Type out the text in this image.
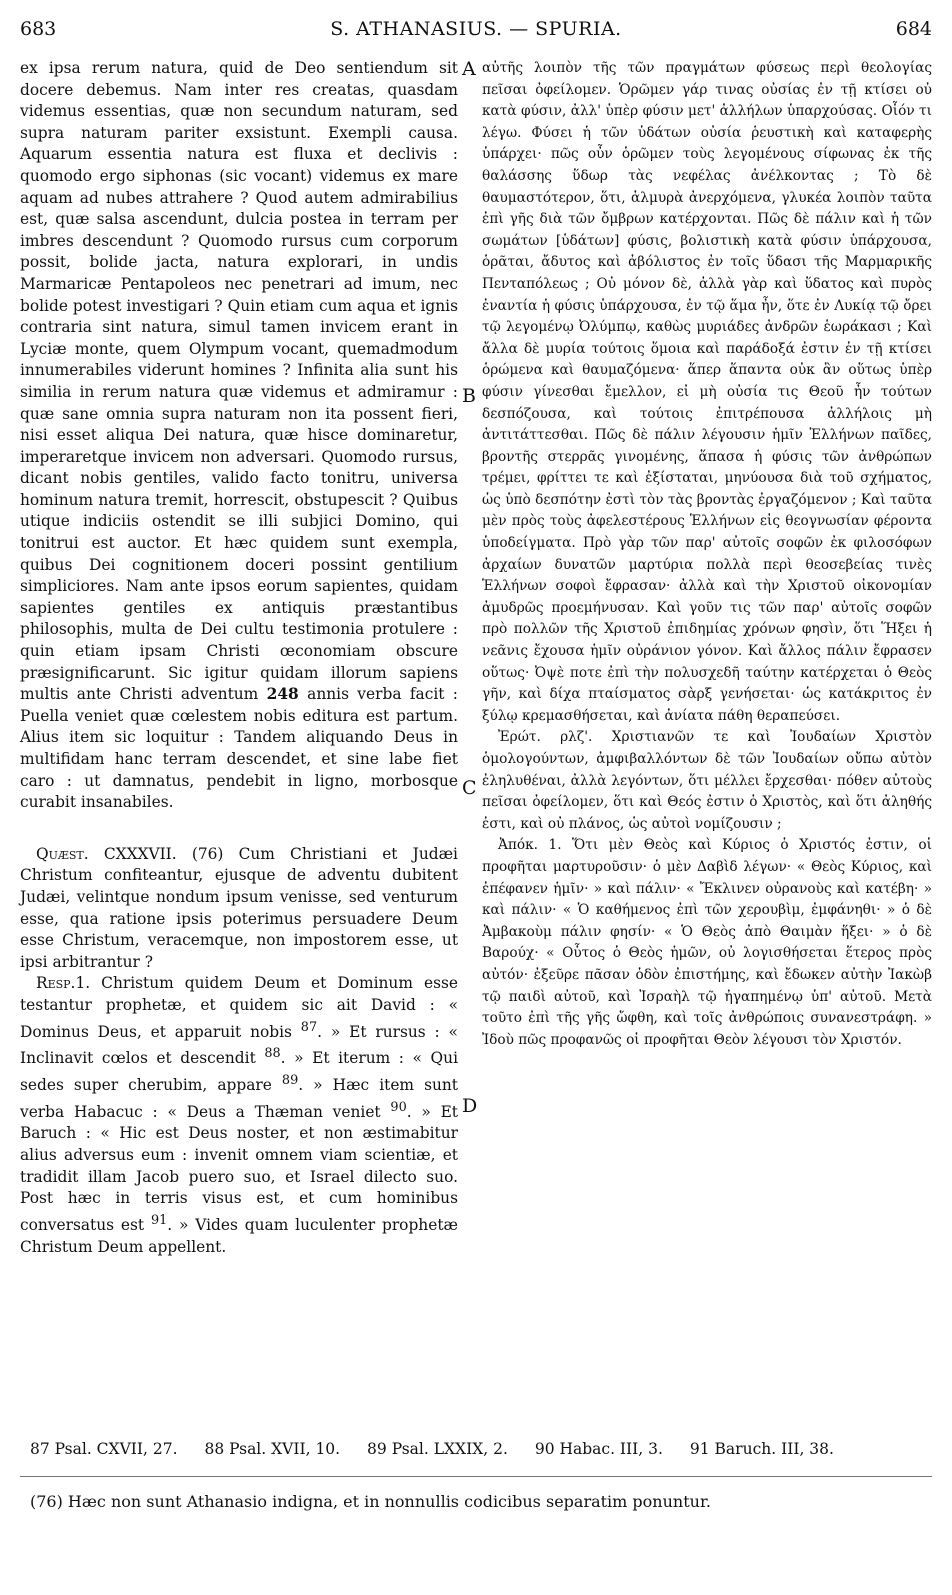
683	S. ATHANASIUS. — SPURIA.	684

ex ipsa rerum natura, quid de Deo sentiendum sit docere debemus. Nam inter res creatas, quasdam videmus essentias, quæ non secundum naturam, sed supra naturam pariter exsistunt. Exempli causa. Aquarum essentia natura est fluxa et declivis : quomodo ergo siphonas (sic vocant) videmus ex mare aquam ad nubes attrahere ? Quod autem admirabilius est, quæ salsa ascendunt, dulcia postea in terram per imbres descendunt ? Quomodo rursus cum corporum possit, bolide jacta, natura explorari, in undis Marmaricæ Pentapoleos nec penetrari ad imum, nec bolide potest investigari ? Quin etiam cum aqua et ignis contraria sint natura, simul tamen invicem erant in Lyciæ monte, quem Olympum vocant, quemadmodum innumerabiles viderunt homines ? Infinita alia sunt his similia in rerum natura quæ videmus et admiramur : quæ sane omnia supra naturam non ita possent fieri, nisi esset aliqua Dei natura, quæ hisce dominaretur, imperaretque invicem non adversari. Quomodo rursus, dicant nobis gentiles, valido facto tonitru, universa hominum natura tremit, horrescit, obstupescit ? Quibus utique indiciis ostendit se illi subjici Domino, qui tonitrui est auctor. Et hæc quidem sunt exempla, quibus Dei cognitionem doceri possint gentilium simpliciores. Nam ante ipsos eorum sapientes, quidam sapientes gentiles ex antiquis præstantibus philosophis, multa de Dei cultu testimonia protulere : quin etiam ipsam Christi œconomiam obscure præsignificarunt. Sic igitur quidam illorum sapiens multis ante Christi adventum 248 annis verba facit : Puella veniet quæ cœlestem nobis editura est partum. Alius item sic loquitur : Tandem aliquando Deus in multifidam hanc terram descendet, et sine labe fiet caro : ut damnatus, pendebit in ligno, morbosque curabit insanabiles.

Quæst. CXXXVII. (76) Cum Christiani et Judæi Christum confiteantur, ejusque de adventu dubitent Judæi, velintque nondum ipsum venisse, sed venturum esse, qua ratione ipsis poterimus persuadere Deum esse Christum, veracemque, non impostorem esse, ut ipsi arbitrantur ?

Resp.1. Christum quidem Deum et Dominum esse testantur prophetæ, et quidem sic ait David : « Dominus Deus, et apparuit nobis $^{87}$. » Et rursus : « Inclinavit cœlos et descendit $^{88}$. » Et iterum : « Qui sedes super cherubim, appare $^{89}$. » Hæc item sunt verba Habacuc : « Deus a Thæman veniet $^{90}$. » Et Baruch : « Hic est Deus noster, et non æstimabitur alius adversus eum : invenit omnem viam scientiæ, et tradidit illam Jacob puero suo, et Israel dilecto suo. Post hæc in terris visus est, et cum hominibus conversatus est $^{91}$. » Vides quam luculenter prophetæ Christum Deum appellent.

A
B
C
D

αὐτῆς λοιπὸν τῆς τῶν πραγμάτων φύσεως περὶ θεολογίας πεῖσαι ὀφείλομεν. Ὁρῶμεν γάρ τινας οὐσίας ἐν τῇ κτίσει οὐ κατὰ φύσιν, ἀλλ' ὑπὲρ φύσιν μετ' ἀλλήλων ὑπαρχούσας. Οἷόν τι λέγω. Φύσει ἡ τῶν ὑδάτων οὐσία ῥευστικὴ καὶ καταφερὴς ὑπάρχει· πῶς οὖν ὁρῶμεν τοὺς λεγομένους σίφωνας ἐκ τῆς θαλάσσης ὕδωρ τὰς νεφέλας ἀνέλκοντας ; Τὸ δὲ θαυμαστότερον, ὅτι, ἁλμυρὰ ἀνερχόμενα, γλυκέα λοιπὸν ταῦτα ἐπὶ γῆς διὰ τῶν ὄμβρων κατέρχονται. Πῶς δὲ πάλιν καὶ ἡ τῶν σωμάτων [ὑδάτων] φύσις, βολιστικὴ κατὰ φύσιν ὑπάρχουσα, ὁρᾶται, ἄδυτος καὶ ἀβόλιστος ἐν τοῖς ὕδασι τῆς Μαρμαρικῆς Πενταπόλεως ; Οὐ μόνον δὲ, ἀλλὰ γὰρ καὶ ὕδατος καὶ πυρὸς ἐναντία ἡ φύσις ὑπάρχουσα, ἐν τῷ ἅμα ἦν, ὅτε ἐν Λυκίᾳ τῷ ὄρει τῷ λεγομένῳ Ὀλύμπῳ, καθὼς μυριάδες ἀνδρῶν ἑωράκασι ; Καὶ ἄλλα δὲ μυρία τούτοις ὅμοια καὶ παράδοξά ἐστιν ἐν τῇ κτίσει ὁρώμενα καὶ θαυμαζόμενα· ἅπερ ἅπαντα οὐκ ἂν οὕτως ὑπὲρ φύσιν γίνεσθαι ἔμελλον, εἰ μὴ οὐσία τις Θεοῦ ἦν τούτων δεσπόζουσα, καὶ τούτοις ἐπιτρέπουσα ἀλλήλοις μὴ ἀντιτάττεσθαι. Πῶς δὲ πάλιν λέγουσιν ἡμῖν Ἑλλήνων παῖδες, βροντῆς στερρᾶς γινομένης, ἅπασα ἡ φύσις τῶν ἀνθρώπων τρέμει, φρίττει τε καὶ ἐξίσταται, μηνύουσα διὰ τοῦ σχήματος, ὡς ὑπὸ δεσπότην ἐστὶ τὸν τὰς βροντὰς ἐργαζόμενον ; Καὶ ταῦτα μὲν πρὸς τοὺς ἀφελεστέρους Ἑλλήνων εἰς θεογνωσίαν φέροντα ὑποδείγματα. Πρὸ γὰρ τῶν παρ' αὐτοῖς σοφῶν ἐκ φιλοσόφων ἀρχαίων δυνατῶν μαρτύρια πολλὰ περὶ θεοσεβείας τινὲς Ἑλλήνων σοφοὶ ἔφρασαν· ἀλλὰ καὶ τὴν Χριστοῦ οἰκονομίαν ἀμυδρῶς προεμήνυσαν. Καὶ γοῦν τις τῶν παρ' αὐτοῖς σοφῶν πρὸ πολλῶν τῆς Χριστοῦ ἐπιδημίας χρόνων φησὶν, ὅτι Ἥξει ἡ νεᾶνις ἔχουσα ἡμῖν οὐράνιον γόνον. Καὶ ἄλλος πάλιν ἔφρασεν οὕτως· Ὀψὲ ποτε ἐπὶ τὴν πολυσχεδῆ ταύτην κατέρχεται ὁ Θεὸς γῆν, καὶ δίχα πταίσματος σὰρξ γενήσεται· ὡς κατάκριτος ἐν ξύλῳ κρεμασθήσεται, καὶ ἀνίατα πάθη θεραπεύσει.

Ἐρώτ. ρλζ'. Χριστιανῶν τε καὶ Ἰουδαίων Χριστὸν ὁμολογούντων, ἀμφιβαλλόντων δὲ τῶν Ἰουδαίων οὔπω αὐτὸν ἐληλυθέναι, ἀλλὰ λεγόντων, ὅτι μέλλει ἔρχεσθαι· πόθεν αὐτοὺς πεῖσαι ὀφείλομεν, ὅτι καὶ Θεός ἐστιν ὁ Χριστὸς, καὶ ὅτι ἀληθής ἐστι, καὶ οὐ πλάνος, ὡς αὐτοὶ νομίζουσιν ;

Ἀπόκ. 1. Ὅτι μὲν Θεὸς καὶ Κύριος ὁ Χριστός ἐστιν, οἱ προφῆται μαρτυροῦσιν· ὁ μὲν Δαβὶδ λέγων· « Θεὸς Κύριος, καὶ ἐπέφανεν ἡμῖν· » καὶ πάλιν· « Ἔκλινεν οὐρανοὺς καὶ κατέβη· » καὶ πάλιν· « Ὁ καθήμενος ἐπὶ τῶν χερουβὶμ, ἐμφάνηθι· » ὁ δὲ Ἀμβακοὺμ πάλιν φησίν· « Ὁ Θεὸς ἀπὸ Θαιμὰν ἥξει· » ὁ δὲ Βαρούχ· « Οὗτος ὁ Θεὸς ἡμῶν, οὐ λογισθήσεται ἕτερος πρὸς αὐτόν· ἐξεῦρε πᾶσαν ὁδὸν ἐπιστήμης, καὶ ἔδωκεν αὐτὴν Ἰακὼβ τῷ παιδὶ αὐτοῦ, καὶ Ἰσραὴλ τῷ ἠγαπημένῳ ὑπ' αὐτοῦ. Μετὰ τοῦτο ἐπὶ τῆς γῆς ὤφθη, καὶ τοῖς ἀνθρώποις συνανεστράφη. » Ἰδοὺ πῶς προφανῶς οἱ προφῆται Θεὸν λέγουσι τὸν Χριστόν.

87 Psal. CXVII, 27. 88 Psal. XVII, 10. 89 Psal. LXXIX, 2. 90 Habac. III, 3. 91 Baruch. III, 38.
(76) Hæc non sunt Athanasio indigna, et in nonnullis codicibus separatim ponuntur.
